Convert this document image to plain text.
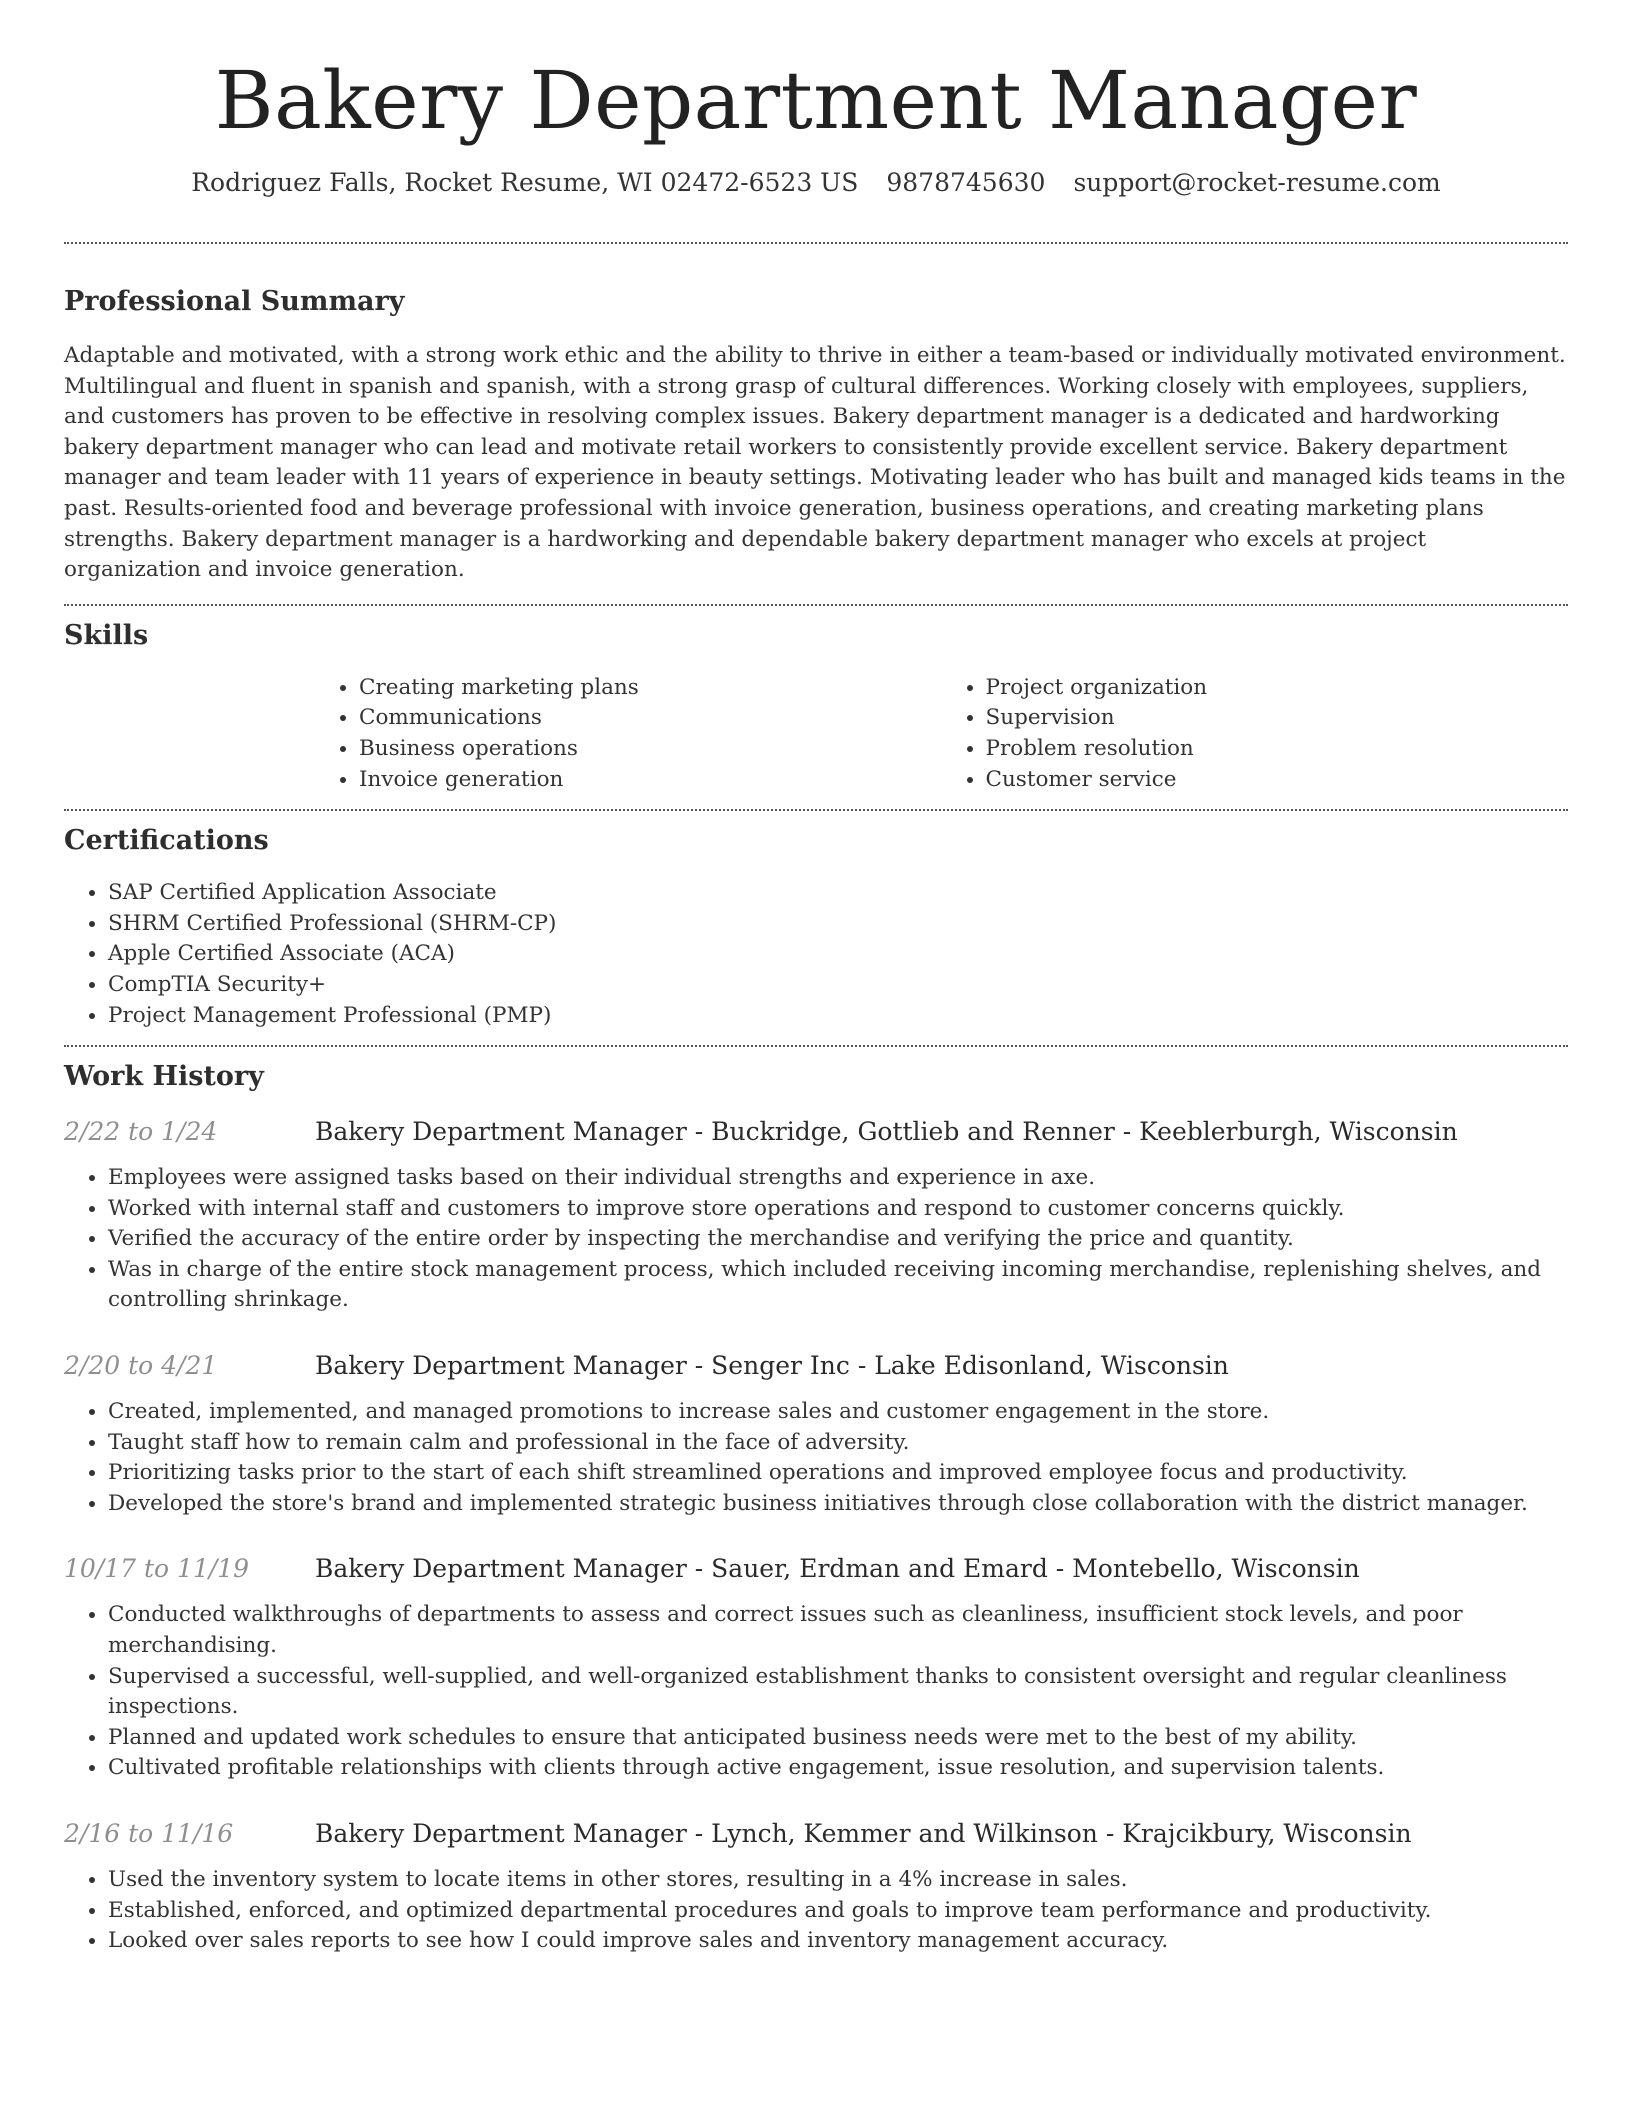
Bakery Department Manager
Rodriguez Falls, Rocket Resume, WI 02472-6523 US 9878745630 support@rocket-resume.com
Professional Summary

Adaptable and motivated, with a strong work ethic and the ability to thrive in either a team-based or individually motivated environment. Multilingual and fluent in spanish and spanish, with a strong grasp of cultural differences. Working closely with employees, suppliers, and customers has proven to be effective in resolving complex issues. Bakery department manager is a dedicated and hardworking bakery department manager who can lead and motivate retail workers to consistently provide excellent service. Bakery department manager and team leader with 11 years of experience in beauty settings. Motivating leader who has built and managed kids teams in the past. Results-oriented food and beverage professional with invoice generation, business operations, and creating marketing plans strengths. Bakery department manager is a hardworking and dependable bakery department manager who excels at project organization and invoice generation.

Skills
• Creating marketing plans
• Communications
• Business operations
• Invoice generation
• Project organization
• Supervision
• Problem resolution
• Customer service
Certifications
• SAP Certified Application Associate
• SHRM Certified Professional (SHRM-CP)
• Apple Certified Associate (ACA)
• CompTIA Security+
• Project Management Professional (PMP)
Work History
2/22 to 1/24	Bakery Department Manager - Buckridge, Gottlieb and Renner - Keeblerburgh, Wisconsin
• Employees were assigned tasks based on their individual strengths and experience in axe.
• Worked with internal staff and customers to improve store operations and respond to customer concerns quickly.
• Verified the accuracy of the entire order by inspecting the merchandise and verifying the price and quantity.
• Was in charge of the entire stock management process, which included receiving incoming merchandise, replenishing shelves, and controlling shrinkage.
2/20 to 4/21	Bakery Department Manager - Senger Inc - Lake Edisonland, Wisconsin
• Created, implemented, and managed promotions to increase sales and customer engagement in the store.
• Taught staff how to remain calm and professional in the face of adversity.
• Prioritizing tasks prior to the start of each shift streamlined operations and improved employee focus and productivity.
• Developed the store's brand and implemented strategic business initiatives through close collaboration with the district manager.
10/17 to 11/19	Bakery Department Manager - Sauer, Erdman and Emard - Montebello, Wisconsin
• Conducted walkthroughs of departments to assess and correct issues such as cleanliness, insufficient stock levels, and poor merchandising.
• Supervised a successful, well-supplied, and well-organized establishment thanks to consistent oversight and regular cleanliness inspections.
• Planned and updated work schedules to ensure that anticipated business needs were met to the best of my ability.
• Cultivated profitable relationships with clients through active engagement, issue resolution, and supervision talents.
2/16 to 11/16	Bakery Department Manager - Lynch, Kemmer and Wilkinson - Krajcikbury, Wisconsin
• Used the inventory system to locate items in other stores, resulting in a 4% increase in sales.
• Established, enforced, and optimized departmental procedures and goals to improve team performance and productivity.
• Looked over sales reports to see how I could improve sales and inventory management accuracy.
